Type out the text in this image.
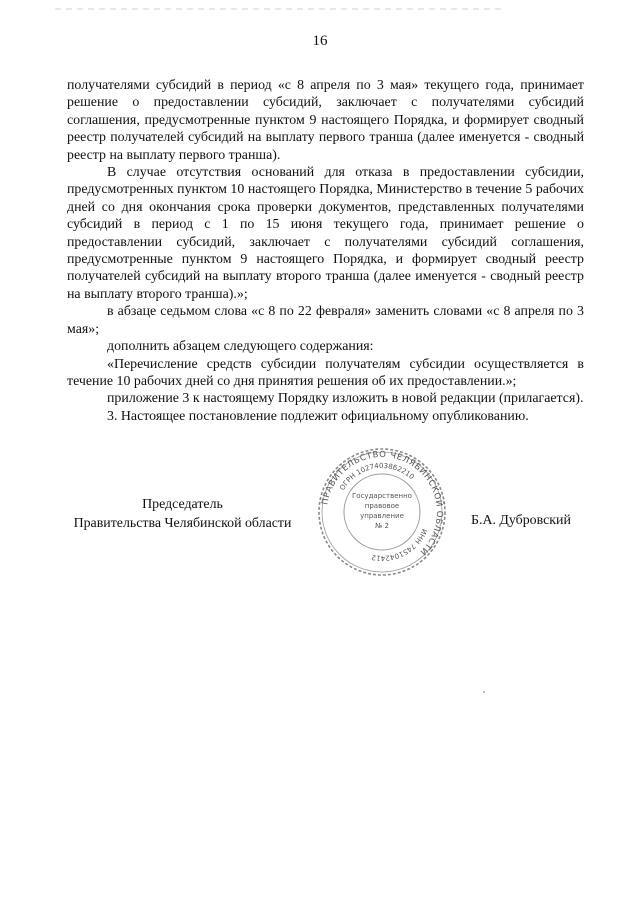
16

получателями субсидий в период «с 8 апреля по 3 мая» текущего года, принимает решение о предоставлении субсидий, заключает с получателями субсидий соглашения, предусмотренные пунктом 9 настоящего Порядка, и формирует сводный реестр получателей субсидий на выплату первого транша (далее именуется - сводный реестр на выплату первого транша).

В случае отсутствия оснований для отказа в предоставлении субсидии, предусмотренных пунктом 10 настоящего Порядка, Министерство в течение 5 рабочих дней со дня окончания срока проверки документов, представленных получателями субсидий в период с 1 по 15 июня текущего года, принимает решение о предоставлении субсидий, заключает с получателями субсидий соглашения, предусмотренные пунктом 9 настоящего Порядка, и формирует сводный реестр получателей субсидий на выплату второго транша (далее именуется - сводный реестр на выплату второго транша).»;

в абзаце седьмом слова «с 8 по 22 февраля» заменить словами «с 8 апреля по 3 мая»;

дополнить абзацем следующего содержания:

«Перечисление средств субсидии получателям субсидии осуществляется в течение 10 рабочих дней со дня принятия решения об их предоставлении.»;

приложение 3 к настоящему Порядку изложить в новой редакции (прилагается).

3. Настоящее постановление подлежит официальному опубликованию.

Председатель
Правительства Челябинской области
ПРАВИТЕЛЬСТВО ЧЕЛЯБИНСКОЙ ОБЛАСТИ
ОГРН 1027403862210
ИНН 7451042412
Государственно
правовое
управление
№ 2	Б.А. Дубровский
